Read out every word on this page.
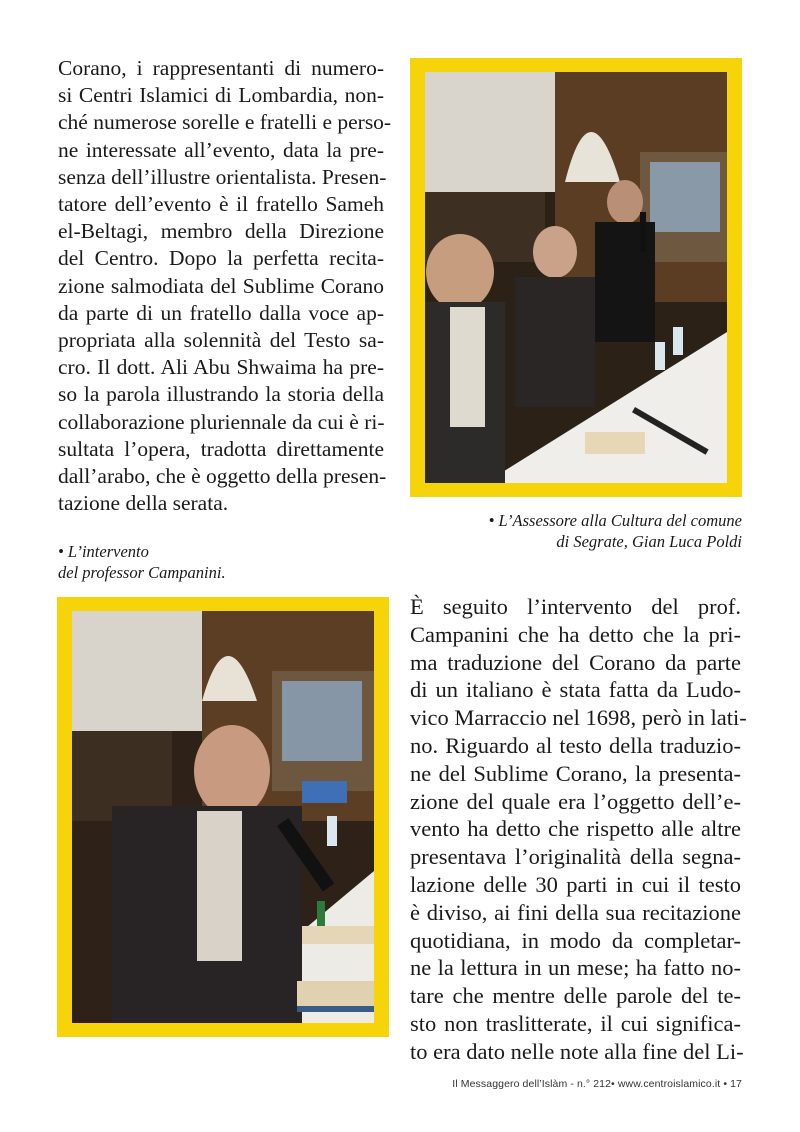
Corano, i rappresentanti di numero-
si Centri Islamici di Lombardia, non-
ché numerose sorelle e fratelli e perso-
ne interessate all’evento, data la pre-
senza dell’illustre orientalista. Presen-
tatore dell’evento è il fratello Sameh
el-Beltagi, membro della Direzione
del Centro. Dopo la perfetta recita-
zione salmodiata del Sublime Corano
da parte di un fratello dalla voce ap-
propriata alla solennità del Testo sa-
cro. Il dott. Ali Abu Shwaima ha pre-
so la parola illustrando la storia della
collaborazione pluriennale da cui è ri-
sultata l’opera, tradotta direttamente
dall’arabo, che è oggetto della presen-
tazione della serata.
• L’Assessore alla Cultura del comune
di Segrate, Gian Luca Poldi
• L’intervento
del professor Campanini.
È seguito l’intervento del prof.
Campanini che ha detto che la pri-
ma traduzione del Corano da parte
di un italiano è stata fatta da Ludo-
vico Marraccio nel 1698, però in lati-
no. Riguardo al testo della traduzio-
ne del Sublime Corano, la presenta-
zione del quale era l’oggetto dell’e-
vento ha detto che rispetto alle altre
presentava l’originalità della segna-
lazione delle 30 parti in cui il testo
è diviso, ai fini della sua recitazione
quotidiana, in modo da completar-
ne la lettura in un mese; ha fatto no-
tare che mentre delle parole del te-
sto non traslitterate, il cui significa-
to era dato nelle note alla fine del Li-
Il Messaggero dell’Islàm - n.° 212• www.centroislamico.it • 17
